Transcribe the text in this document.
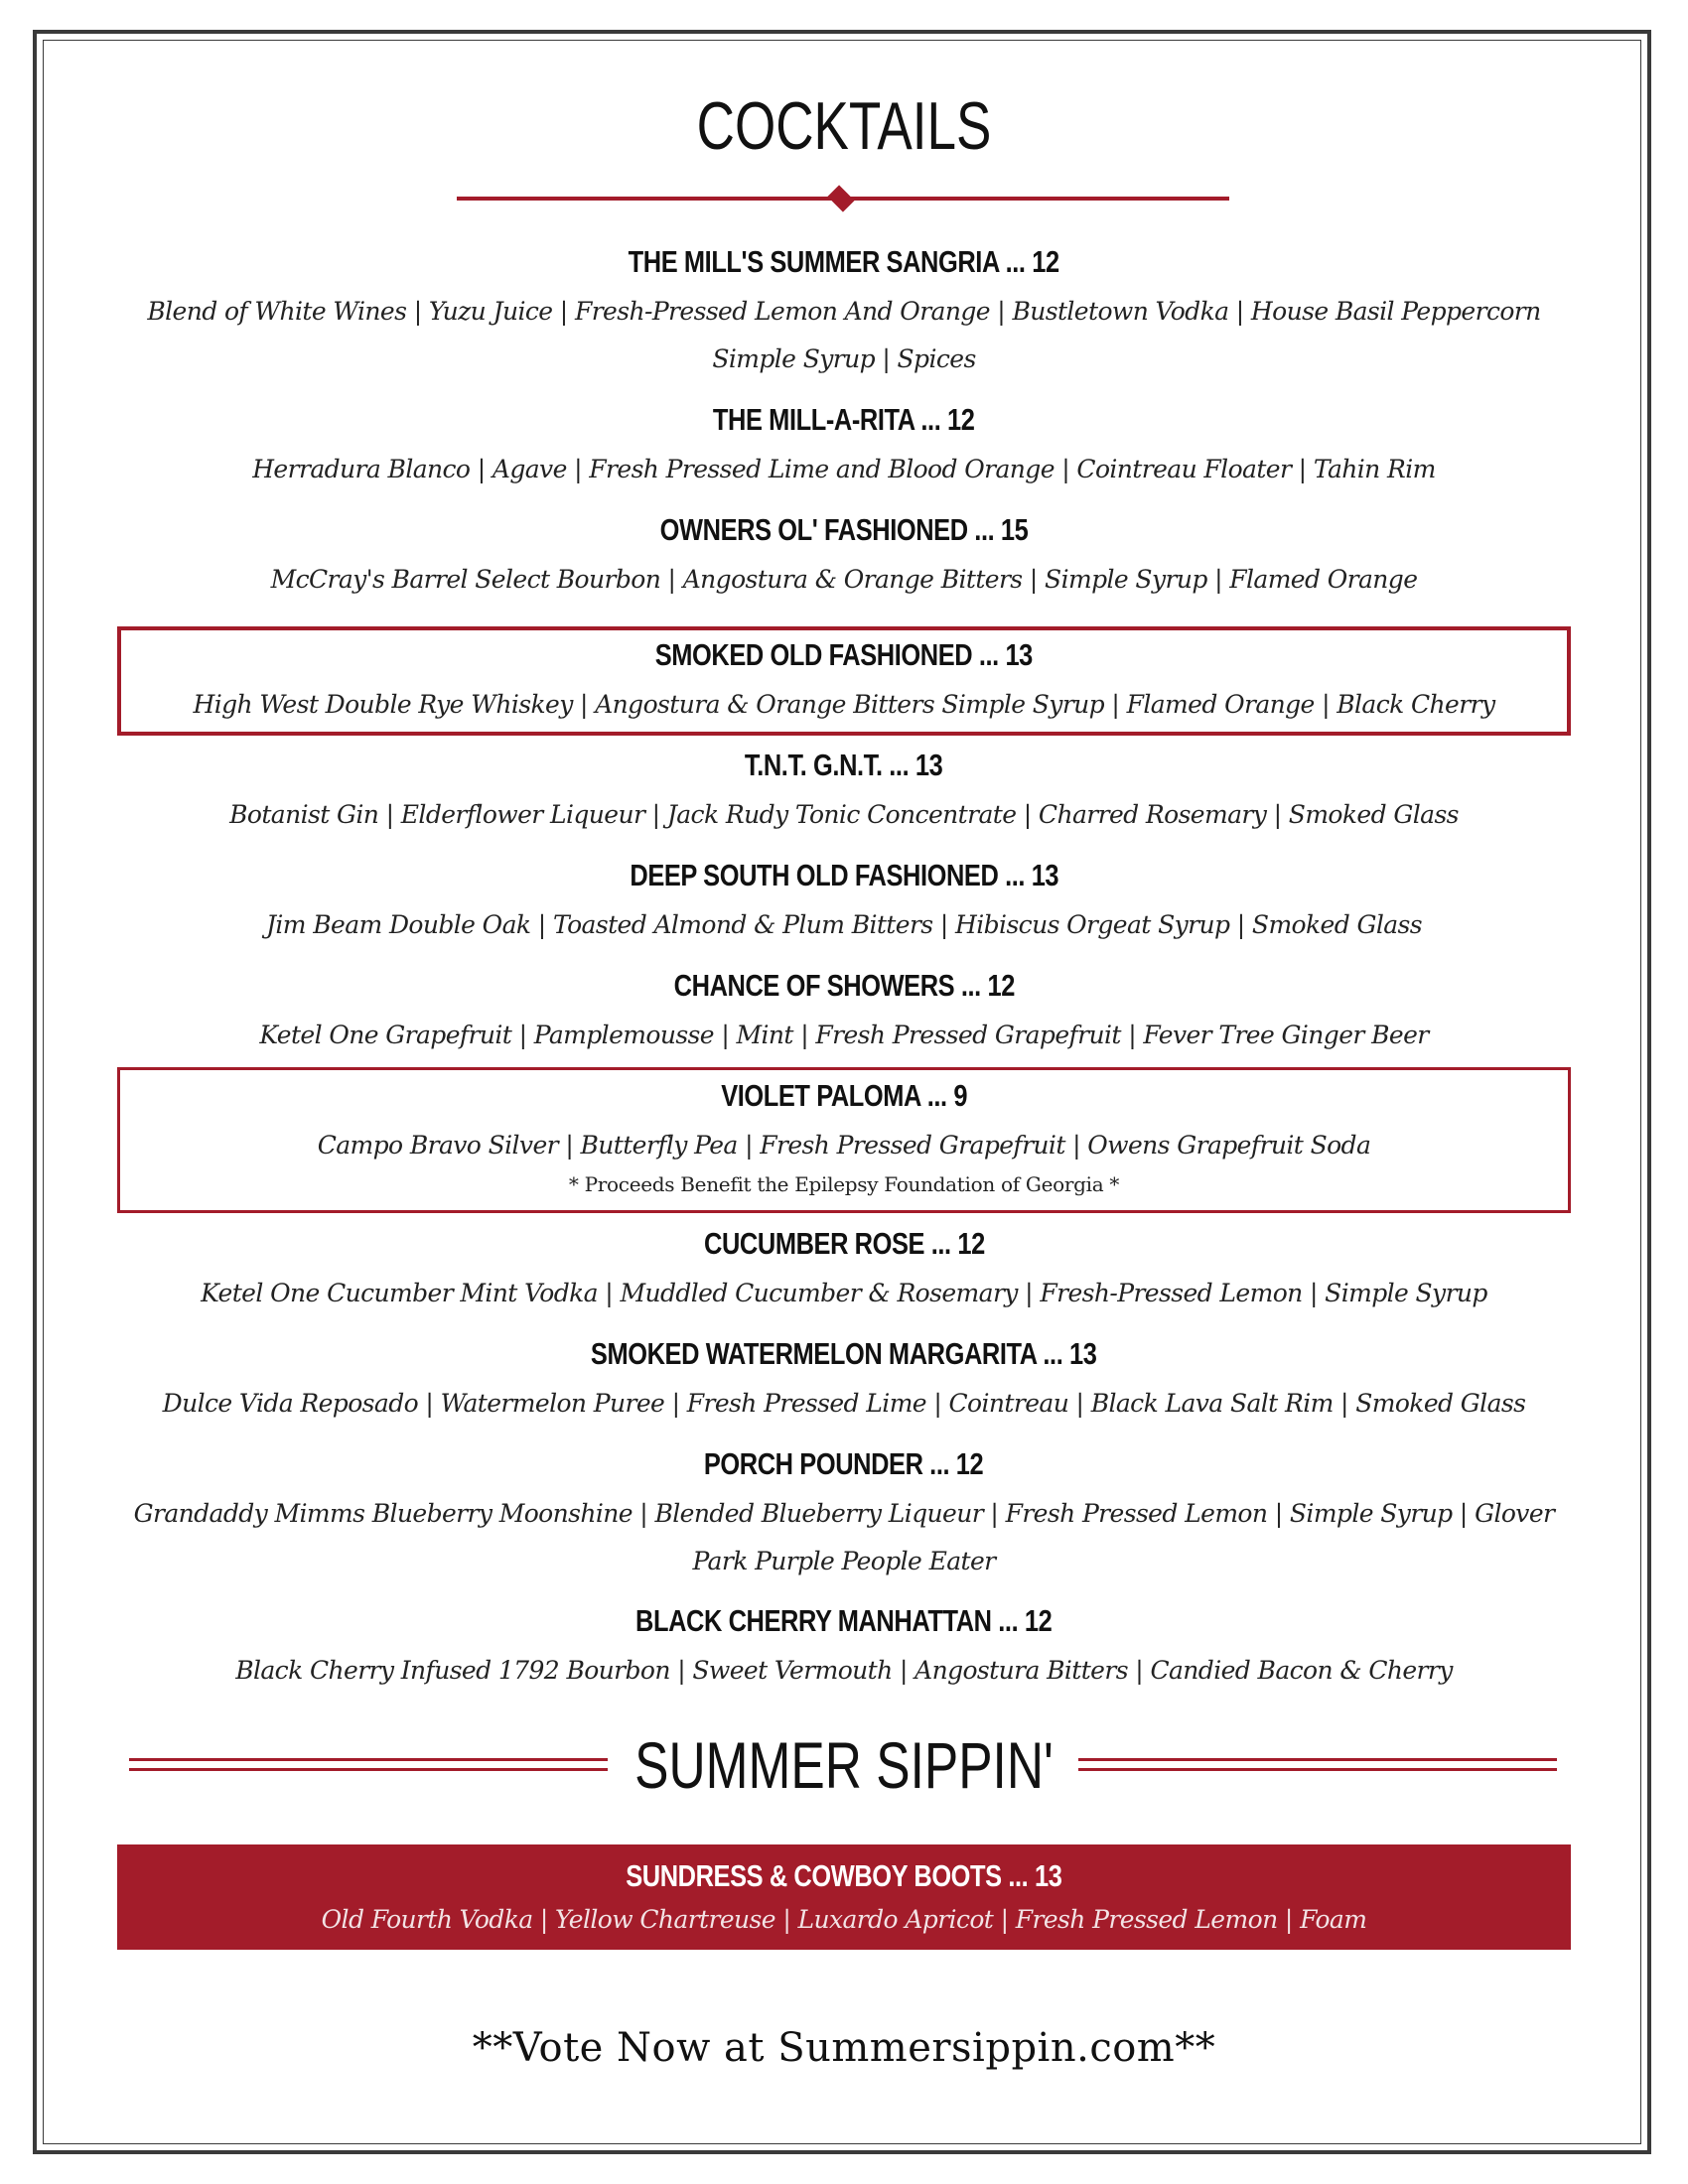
COCKTAILS
THE MILL'S SUMMER SANGRIA ... 12
Blend of White Wines | Yuzu Juice | Fresh-Pressed Lemon And Orange | Bustletown Vodka | House Basil Peppercorn Simple Syrup | Spices
THE MILL-A-RITA ... 12
Herradura Blanco | Agave | Fresh Pressed Lime and Blood Orange | Cointreau Floater | Tahin Rim
OWNERS OL' FASHIONED ... 15
McCray's Barrel Select Bourbon | Angostura & Orange Bitters | Simple Syrup | Flamed Orange
SMOKED OLD FASHIONED ... 13
High West Double Rye Whiskey | Angostura & Orange Bitters Simple Syrup | Flamed Orange | Black Cherry
T.N.T. G.N.T. ... 13
Botanist Gin | Elderflower Liqueur | Jack Rudy Tonic Concentrate | Charred Rosemary | Smoked Glass
DEEP SOUTH OLD FASHIONED ... 13
Jim Beam Double Oak | Toasted Almond & Plum Bitters | Hibiscus Orgeat Syrup | Smoked Glass
CHANCE OF SHOWERS ... 12
Ketel One Grapefruit | Pamplemousse | Mint | Fresh Pressed Grapefruit | Fever Tree Ginger Beer
VIOLET PALOMA ... 9
Campo Bravo Silver | Butterfly Pea | Fresh Pressed Grapefruit | Owens Grapefruit Soda
* Proceeds Benefit the Epilepsy Foundation of Georgia *
CUCUMBER ROSE ... 12
Ketel One Cucumber Mint Vodka | Muddled Cucumber & Rosemary | Fresh-Pressed Lemon | Simple Syrup
SMOKED WATERMELON MARGARITA ... 13
Dulce Vida Reposado | Watermelon Puree | Fresh Pressed Lime | Cointreau | Black Lava Salt Rim | Smoked Glass
PORCH POUNDER ... 12
Grandaddy Mimms Blueberry Moonshine | Blended Blueberry Liqueur | Fresh Pressed Lemon | Simple Syrup | Glover Park Purple People Eater
BLACK CHERRY MANHATTAN ... 12
Black Cherry Infused 1792 Bourbon | Sweet Vermouth | Angostura Bitters | Candied Bacon & Cherry
SUMMER SIPPIN'
SUNDRESS & COWBOY BOOTS ... 13
Old Fourth Vodka | Yellow Chartreuse | Luxardo Apricot | Fresh Pressed Lemon | Foam
**Vote Now at Summersippin.com**
